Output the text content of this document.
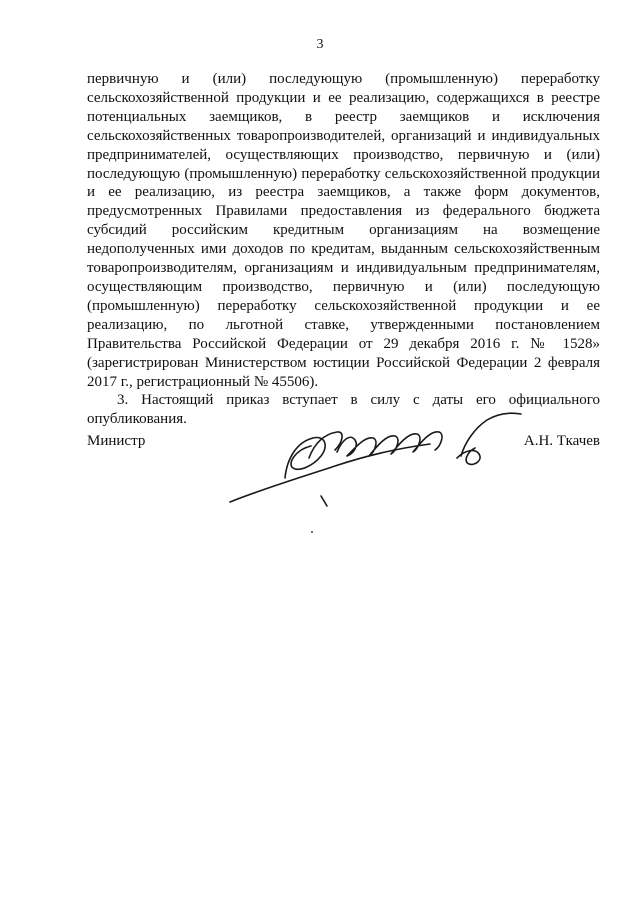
3

первичную и (или) последующую (промышленную) переработку сельскохозяйственной продукции и ее реализацию, содержащихся в реестре потенциальных заемщиков, в реестр заемщиков и исключения сельскохозяйственных товаропроизводителей, организаций и индивидуальных предпринимателей, осуществляющих производство, первичную и (или) последующую (промышленную) переработку сельскохозяйственной продукции и ее реализацию, из реестра заемщиков, а также форм документов, предусмотренных Правилами предоставления из федерального бюджета субсидий российским кредитным организациям на возмещение недополученных ими доходов по кредитам, выданным сельскохозяйственным товаропроизводителям, организациям и индивидуальным предпринимателям, осуществляющим производство, первичную и (или) последующую (промышленную) переработку сельскохозяйственной продукции и ее реализацию, по льготной ставке, утвержденными постановлением Правительства Российской Федерации от 29 декабря 2016 г. № 1528» (зарегистрирован Министерством юстиции Российской Федерации 2 февраля 2017 г., регистрационный № 45506).

3. Настоящий приказ вступает в силу с даты его официального опубликования.

Министр	А.Н. Ткачев
